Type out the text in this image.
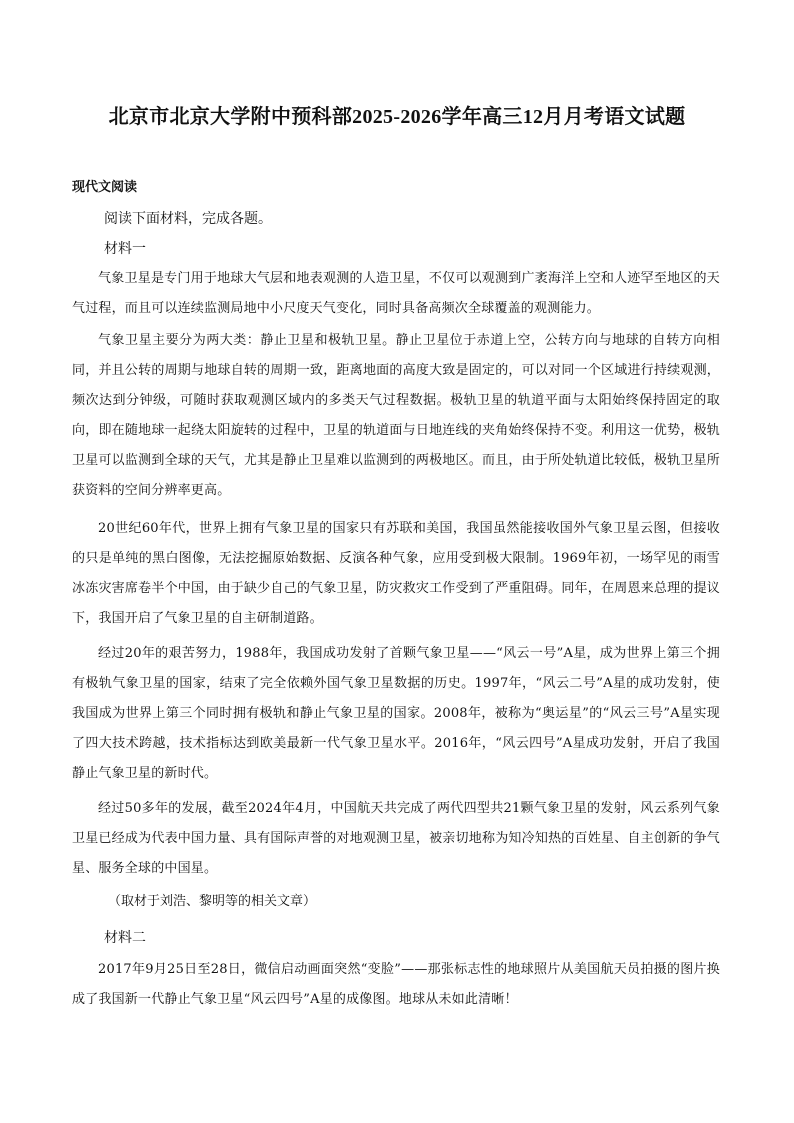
北京市北京大学附中预科部2025-2026学年高三12月月考语文试题
现代文阅读

阅读下面材料，完成各题。

材料一

气象卫星是专门用于地球大气层和地表观测的人造卫星，不仅可以观测到广袤海洋上空和人迹罕至地区的天气过程，而且可以连续监测局地中小尺度天气变化，同时具备高频次全球覆盖的观测能力。

气象卫星主要分为两大类：静止卫星和极轨卫星。静止卫星位于赤道上空，公转方向与地球的自转方向相同，并且公转的周期与地球自转的周期一致，距离地面的高度大致是固定的，可以对同一个区域进行持续观测，频次达到分钟级，可随时获取观测区域内的多类天气过程数据。极轨卫星的轨道平面与太阳始终保持固定的取向，即在随地球一起绕太阳旋转的过程中，卫星的轨道面与日地连线的夹角始终保持不变。利用这一优势，极轨卫星可以监测到全球的天气，尤其是静止卫星难以监测到的两极地区。而且，由于所处轨道比较低，极轨卫星所获资料的空间分辨率更高。

20世纪60年代，世界上拥有气象卫星的国家只有苏联和美国，我国虽然能接收国外气象卫星云图，但接收的只是单纯的黑白图像，无法挖掘原始数据、反演各种气象，应用受到极大限制。1969年初，一场罕见的雨雪冰冻灾害席卷半个中国，由于缺少自己的气象卫星，防灾救灾工作受到了严重阻碍。同年，在周恩来总理的提议下，我国开启了气象卫星的自主研制道路。

经过20年的艰苦努力，1988年，我国成功发射了首颗气象卫星——“风云一号”A星，成为世界上第三个拥有极轨气象卫星的国家，结束了完全依赖外国气象卫星数据的历史。1997年，“风云二号”A星的成功发射，使我国成为世界上第三个同时拥有极轨和静止气象卫星的国家。2008年，被称为“奥运星”的“风云三号”A星实现了四大技术跨越，技术指标达到欧美最新一代气象卫星水平。2016年，“风云四号”A星成功发射，开启了我国静止气象卫星的新时代。

经过50多年的发展，截至2024年4月，中国航天共完成了两代四型共21颗气象卫星的发射，风云系列气象卫星已经成为代表中国力量、具有国际声誉的对地观测卫星，被亲切地称为知冷知热的百姓星、自主创新的争气星、服务全球的中国星。

（取材于刘浩、黎明等的相关文章）

材料二

2017年9月25日至28日，微信启动画面突然“变脸”——那张标志性的地球照片从美国航天员拍摄的图片换成了我国新一代静止气象卫星“风云四号”A星的成像图。地球从未如此清晰！
